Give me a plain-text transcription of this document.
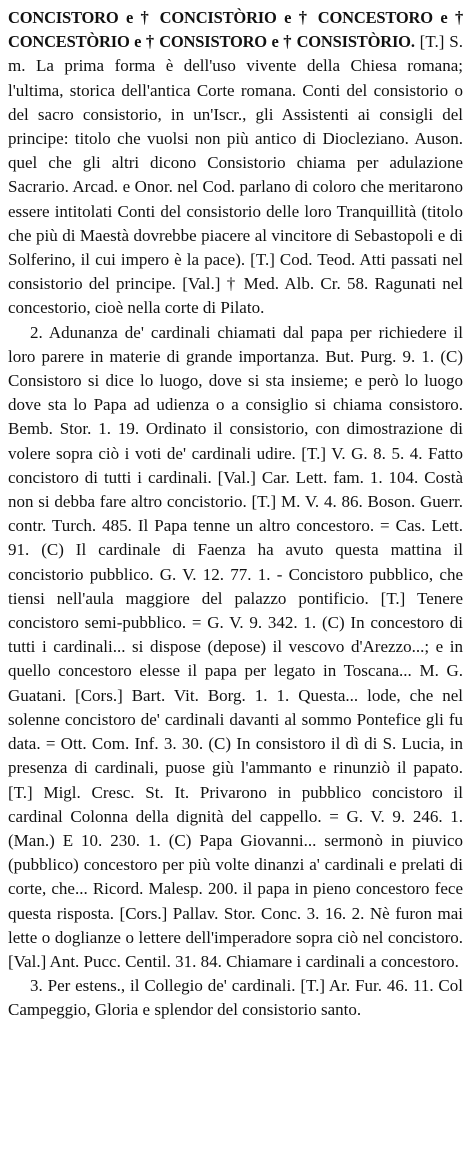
CONCISTORO e † CONCISTÒRIO e † CONCESTORO e † CONCESTÒRIO e † CONSISTORO e † CONSISTÒRIO. [T.] S. m. La prima forma è dell'uso vivente della Chiesa romana; l'ultima, storica dell'antica Corte romana. Conti del consistorio o del sacro consistorio, in un'Iscr., gli Assistenti ai consigli del principe: titolo che vuolsi non più antico di Diocleziano. Auson. quel che gli altri dicono Consistorio chiama per adulazione Sacrario. Arcad. e Onor. nel Cod. parlano di coloro che meritarono essere intitolati Conti del consistorio delle loro Tranquillità (titolo che più di Maestà dovrebbe piacere al vincitore di Sebastopoli e di Solferino, il cui impero è la pace). [T.] Cod. Teod. Atti passati nel consistorio del principe. [Val.] † Med. Alb. Cr. 58. Ragunati nel concestorio, cioè nella corte di Pilato.

2. Adunanza de' cardinali chiamati dal papa per richiedere il loro parere in materie di grande importanza. But. Purg. 9. 1. (C) Consistoro si dice lo luogo, dove si sta insieme; e però lo luogo dove sta lo Papa ad udienza o a consiglio si chiama consistoro. Bemb. Stor. 1. 19. Ordinato il consistorio, con dimostrazione di volere sopra ciò i voti de' cardinali udire. [T.] V. G. 8. 5. 4. Fatto concistoro di tutti i cardinali. [Val.] Car. Lett. fam. 1. 104. Costà non si debba fare altro concistorio. [T.] M. V. 4. 86. Boson. Guerr. contr. Turch. 485. Il Papa tenne un altro concestoro. = Cas. Lett. 91. (C) Il cardinale di Faenza ha avuto questa mattina il concistorio pubblico. G. V. 12. 77. 1. - Concistoro pubblico, che tiensi nell'aula maggiore del palazzo pontificio. [T.] Tenere concistoro semi-pubblico. = G. V. 9. 342. 1. (C) In concestoro di tutti i cardinali... si dispose (depose) il vescovo d'Arezzo...; e in quello concestoro elesse il papa per legato in Toscana... M. G. Guatani. [Cors.] Bart. Vit. Borg. 1. 1. Questa... lode, che nel solenne concistoro de' cardinali davanti al sommo Pontefice gli fu data. = Ott. Com. Inf. 3. 30. (C) In consistoro il dì di S. Lucia, in presenza di cardinali, puose giù l'ammanto e rinunziò il papato. [T.] Migl. Cresc. St. It. Privarono in pubblico concistoro il cardinal Colonna della dignità del cappello. = G. V. 9. 246. 1. (Man.) E 10. 230. 1. (C) Papa Giovanni... sermonò in piuvico (pubblico) concestoro per più volte dinanzi a' cardinali e prelati di corte, che... Ricord. Malesp. 200. il papa in pieno concestoro fece questa risposta. [Cors.] Pallav. Stor. Conc. 3. 16. 2. Nè furon mai lette o doglianze o lettere dell'imperadore sopra ciò nel concistoro. [Val.] Ant. Pucc. Centil. 31. 84. Chiamare i cardinali a concestoro.

3. Per estens., il Collegio de' cardinali. [T.] Ar. Fur. 46. 11. Col Campeggio, Gloria e splendor del consistorio santo.
